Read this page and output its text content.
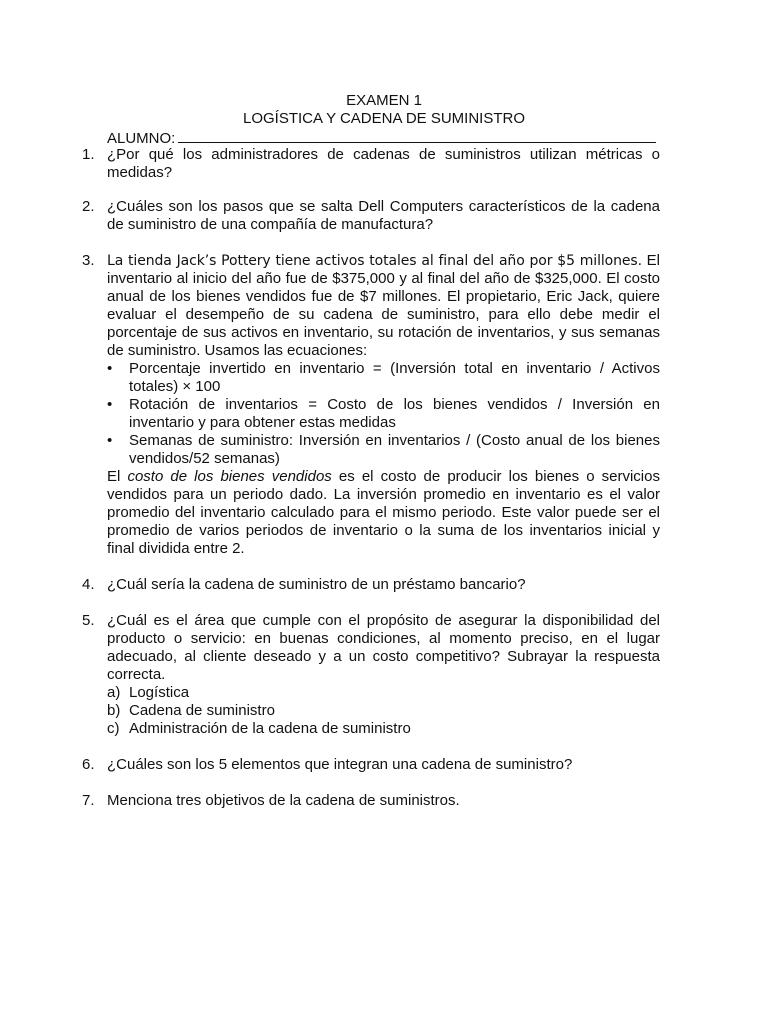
EXAMEN 1
LOGÍSTICA Y CADENA DE SUMINISTRO
ALUMNO:
1. ¿Por qué los administradores de cadenas de suministros utilizan métricas o medidas?

2. ¿Cuáles son los pasos que se salta Dell Computers característicos de la cadena de suministro de una compañía de manufactura?

3. La tienda Jack’s Pottery tiene activos totales al final del año por $5 millones. El inventario al inicio del año fue de $375,000 y al final del año de $325,000. El costo anual de los bienes vendidos fue de $7 millones. El propietario, Eric Jack, quiere evaluar el desempeño de su cadena de suministro, para ello debe medir el porcentaje de sus activos en inventario, su rotación de inventarios, y sus semanas de suministro. Usamos las ecuaciones:

• Porcentaje invertido en inventario = (Inversión total en inventario / Activos totales) × 100
• Rotación de inventarios = Costo de los bienes vendidos / Inversión en inventario y para obtener estas medidas
• Semanas de suministro: Inversión en inventarios / (Costo anual de los bienes vendidos/52 semanas)

El costo de los bienes vendidos es el costo de producir los bienes o servicios vendidos para un periodo dado. La inversión promedio en inventario es el valor promedio del inventario calculado para el mismo periodo. Este valor puede ser el promedio de varios periodos de inventario o la suma de los inventarios inicial y final dividida entre 2.

4. ¿Cuál sería la cadena de suministro de un préstamo bancario?

5. ¿Cuál es el área que cumple con el propósito de asegurar la disponibilidad del producto o servicio: en buenas condiciones, al momento preciso, en el lugar adecuado, al cliente deseado y a un costo competitivo? Subrayar la respuesta correcta.

a) Logística
b) Cadena de suministro
c) Administración de la cadena de suministro
6. ¿Cuáles son los 5 elementos que integran una cadena de suministro?

7. Menciona tres objetivos de la cadena de suministros.
